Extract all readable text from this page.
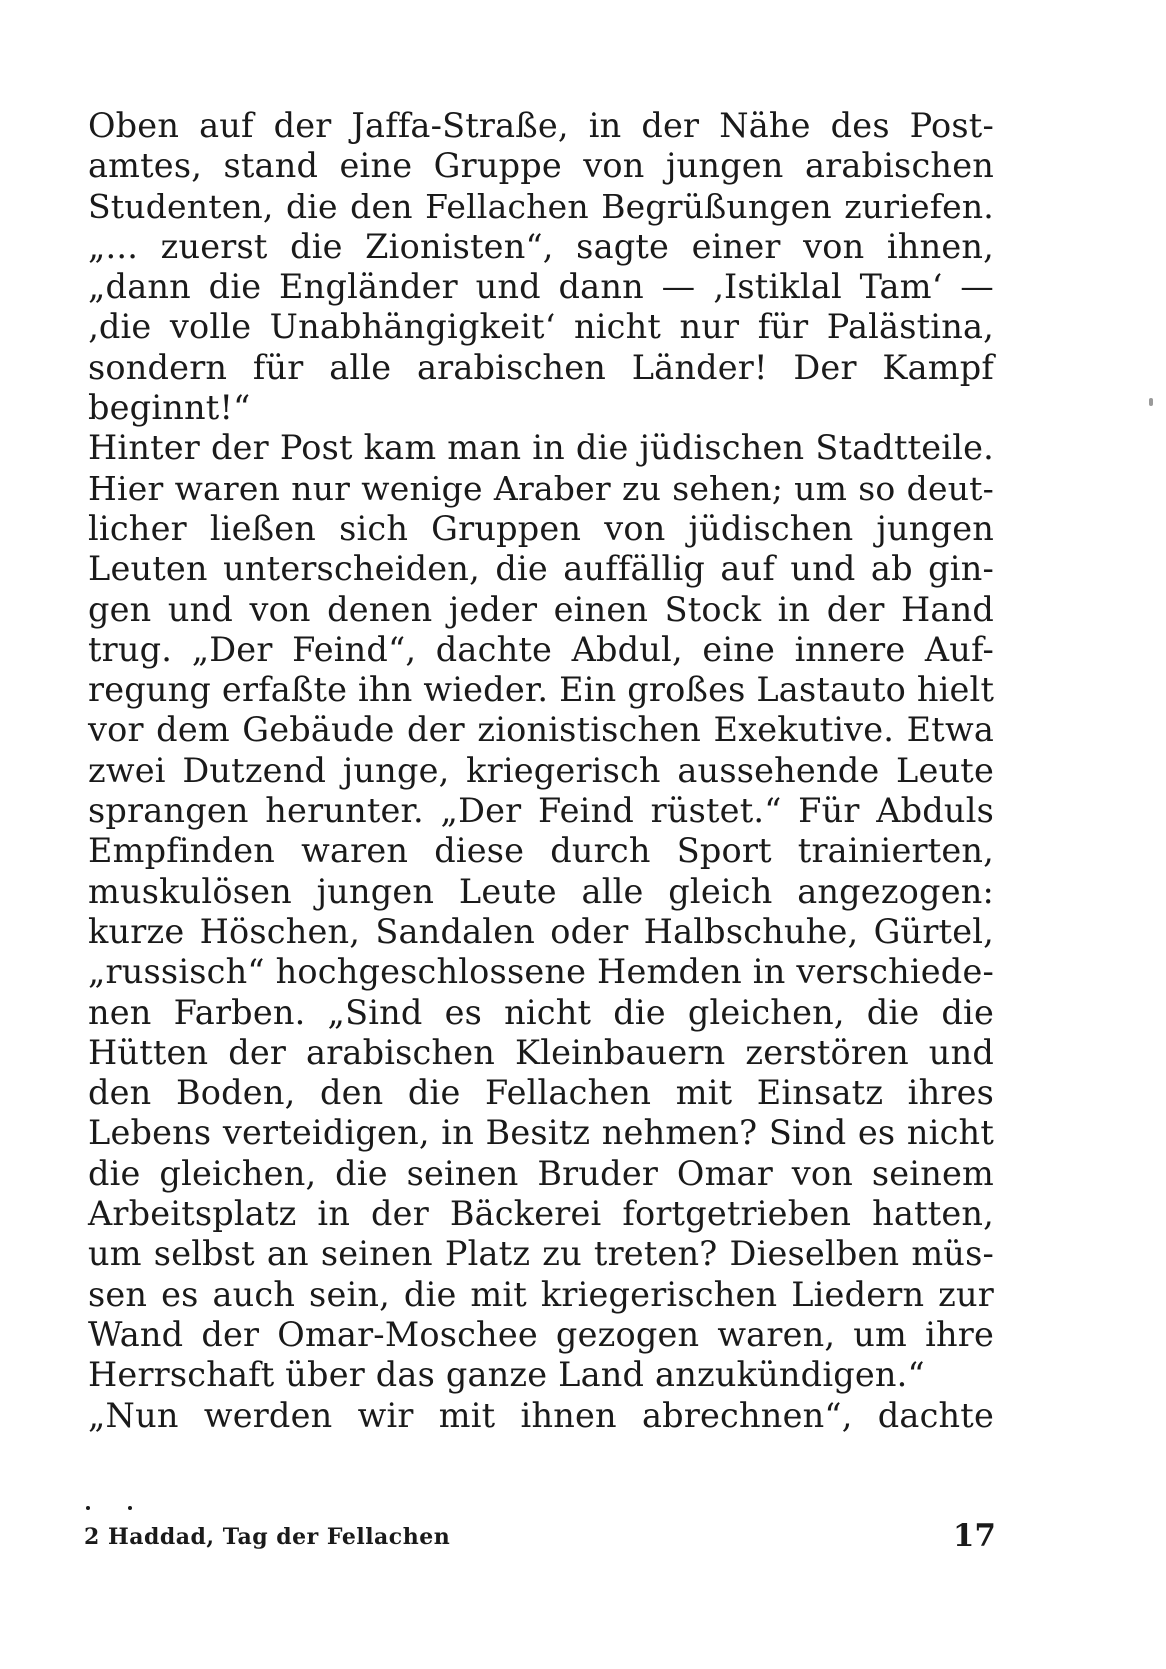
Oben auf der Jaffa-Straße, in der Nähe des Post-
amtes, stand eine Gruppe von jungen arabischen
Studenten, die den Fellachen Begrüßungen zuriefen.
„... zuerst die Zionisten“, sagte einer von ihnen,
„dann die Engländer und dann — ‚Istiklal Tam‘ —
‚die volle Unabhängigkeit‘ nicht nur für Palästina,
sondern für alle arabischen Länder! Der Kampf
beginnt!“
Hinter der Post kam man in die jüdischen Stadtteile.
Hier waren nur wenige Araber zu sehen; um so deut-
licher ließen sich Gruppen von jüdischen jungen
Leuten unterscheiden, die auffällig auf und ab gin-
gen und von denen jeder einen Stock in der Hand
trug. „Der Feind“, dachte Abdul, eine innere Auf-
regung erfaßte ihn wieder. Ein großes Lastauto hielt
vor dem Gebäude der zionistischen Exekutive. Etwa
zwei Dutzend junge, kriegerisch aussehende Leute
sprangen herunter. „Der Feind rüstet.“ Für Abduls
Empfinden waren diese durch Sport trainierten,
muskulösen jungen Leute alle gleich angezogen:
kurze Höschen, Sandalen oder Halbschuhe, Gürtel,
„russisch“ hochgeschlossene Hemden in verschiede-
nen Farben. „Sind es nicht die gleichen, die die
Hütten der arabischen Kleinbauern zerstören und
den Boden, den die Fellachen mit Einsatz ihres
Lebens verteidigen, in Besitz nehmen? Sind es nicht
die gleichen, die seinen Bruder Omar von seinem
Arbeitsplatz in der Bäckerei fortgetrieben hatten,
um selbst an seinen Platz zu treten? Dieselben müs-
sen es auch sein, die mit kriegerischen Liedern zur
Wand der Omar-Moschee gezogen waren, um ihre
Herrschaft über das ganze Land anzukündigen.“
„Nun werden wir mit ihnen abrechnen“, dachte
2 Haddad, Tag der Fellachen	17
